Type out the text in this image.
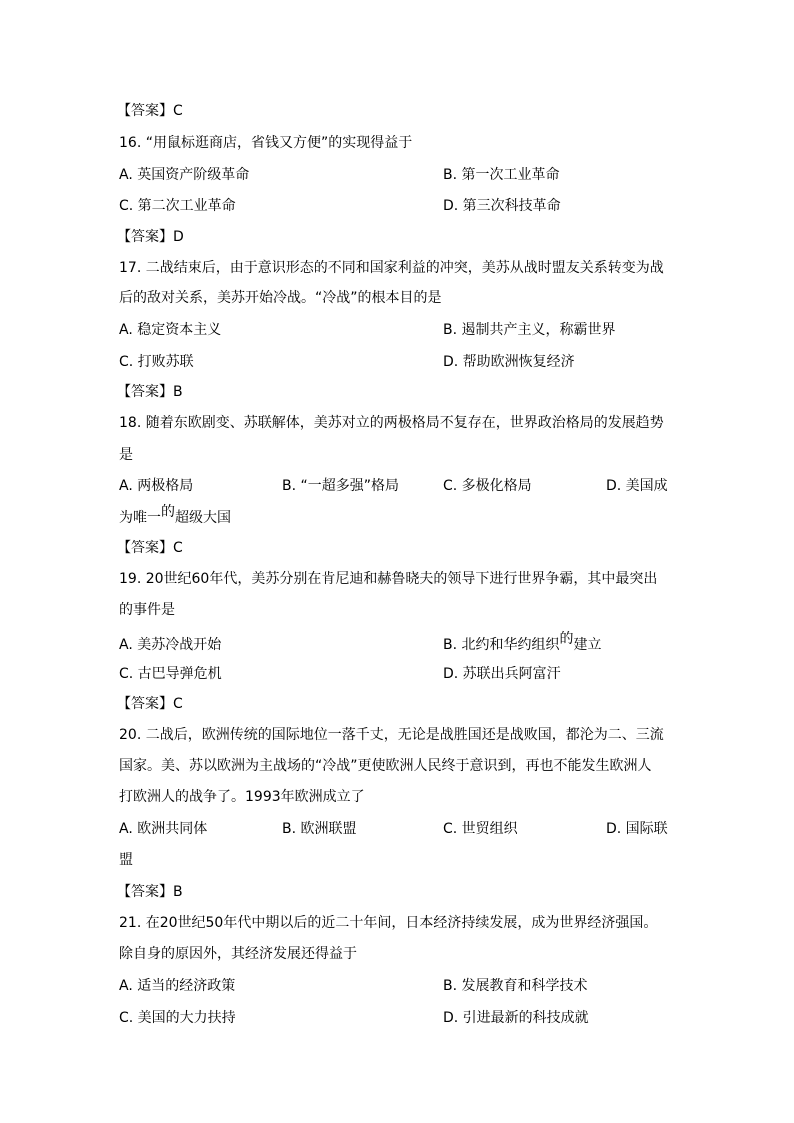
【答案】C
16. “用鼠标逛商店，省钱又方便”的实现得益于
A. 英国资产阶级革命	B. 第一次工业革命
C. 第二次工业革命	D. 第三次科技革命
【答案】D
17. 二战结束后，由于意识形态的不同和国家利益的冲突，美苏从战时盟友关系转变为战
后的敌对关系，美苏开始冷战。“冷战”的根本目的是
A. 稳定资本主义	B. 遏制共产主义，称霸世界
C. 打败苏联	D. 帮助欧洲恢复经济
【答案】B
18. 随着东欧剧变、苏联解体，美苏对立的两极格局不复存在，世界政治格局的发展趋势
是
A. 两极格局	B. “一超多强”格局	C. 多极化格局	D. 美国成
为唯一的超级大国
【答案】C
19. 20世纪60年代，美苏分别在肯尼迪和赫鲁晓夫的领导下进行世界争霸，其中最突出
的事件是
A. 美苏冷战开始	B. 北约和华约组织的建立
C. 古巴导弹危机	D. 苏联出兵阿富汗
【答案】C
20. 二战后，欧洲传统的国际地位一落千丈，无论是战胜国还是战败国，都沦为二、三流
国家。美、苏以欧洲为主战场的“冷战”更使欧洲人民终于意识到，再也不能发生欧洲人
打欧洲人的战争了。1993年欧洲成立了
A. 欧洲共同体	B. 欧洲联盟	C. 世贸组织	D. 国际联
盟
【答案】B
21. 在20世纪50年代中期以后的近二十年间，日本经济持续发展，成为世界经济强国。
除自身的原因外，其经济发展还得益于
A. 适当的经济政策	B. 发展教育和科学技术
C. 美国的大力扶持	D. 引进最新的科技成就
